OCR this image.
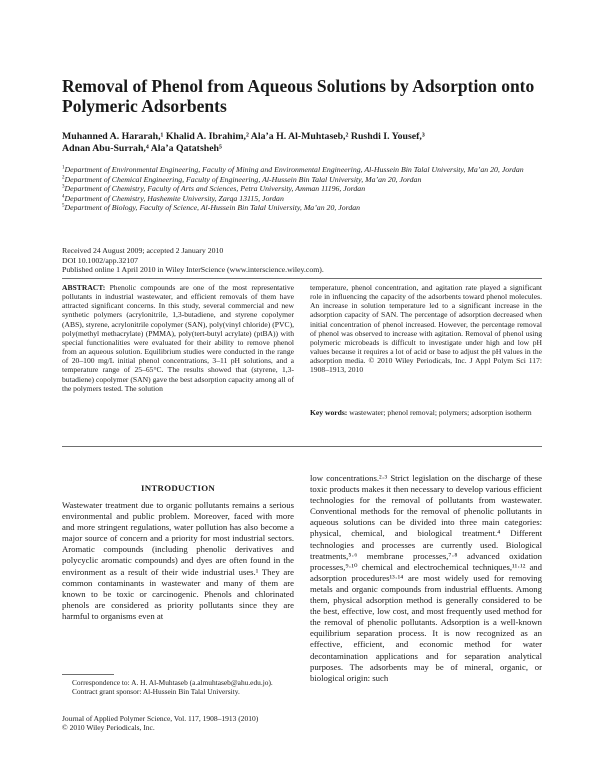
Removal of Phenol from Aqueous Solutions by Adsorption onto Polymeric Adsorbents
Muhanned A. Hararah,¹ Khalid A. Ibrahim,² Ala’a H. Al-Muhtaseb,² Rushdi I. Yousef,³
Adnan Abu-Surrah,⁴ Ala’a Qatatsheh⁵
$^1$Department of Environmental Engineering, Faculty of Mining and Environmental Engineering, Al-Hussein Bin Talal University, Ma’an 20, Jordan
$^2$Department of Chemical Engineering, Faculty of Engineering, Al-Hussein Bin Talal University, Ma’an 20, Jordan
$^3$Department of Chemistry, Faculty of Arts and Sciences, Petra University, Amman 11196, Jordan
$^4$Department of Chemistry, Hashemite University, Zarqa 13115, Jordan
$^5$Department of Biology, Faculty of Science, Al-Hussein Bin Talal University, Ma’an 20, Jordan
Received 24 August 2009; accepted 2 January 2010
DOI 10.1002/app.32107
Published online 1 April 2010 in Wiley InterScience (www.interscience.wiley.com).
ABSTRACT: Phenolic compounds are one of the most representative pollutants in industrial wastewater, and efficient removals of them have attracted significant concerns. In this study, several commercial and new synthetic polymers (acrylonitrile, 1,3-butadiene, and styrene copolymer (ABS), styrene, acrylonitrile copolymer (SAN), poly(vinyl chloride) (PVC), poly(methyl methacrylate) (PMMA), poly(tert-butyl acrylate) (ptBA)) with special functionalities were evaluated for their ability to remove phenol from an aqueous solution. Equilibrium studies were conducted in the range of 20–100 mg/L initial phenol concentrations, 3–11 pH solutions, and a temperature range of 25–65°C. The results showed that (styrene, 1,3-butadiene) copolymer (SAN) gave the best adsorption capacity among all of the polymers tested. The solution
temperature, phenol concentration, and agitation rate played a significant role in influencing the capacity of the adsorbents toward phenol molecules. An increase in solution temperature led to a significant increase in the adsorption capacity of SAN. The percentage of adsorption decreased when initial concentration of phenol increased. However, the percentage removal of phenol was observed to increase with agitation. Removal of phenol using polymeric microbeads is difficult to investigate under high and low pH values because it requires a lot of acid or base to adjust the pH values in the adsorption media. © 2010 Wiley Periodicals, Inc. J Appl Polym Sci 117: 1908–1913, 2010
Key words: wastewater; phenol removal; polymers; adsorption isotherm
INTRODUCTION
Wastewater treatment due to organic pollutants remains a serious environmental and public problem. Moreover, faced with more and more stringent regulations, water pollution has also become a major source of concern and a priority for most industrial sectors. Aromatic compounds (including phenolic derivatives and polycyclic aromatic compounds) and dyes are often found in the environment as a result of their wide industrial uses.¹ They are common contaminants in wastewater and many of them are known to be toxic or carcinogenic. Phenols and chlorinated phenols are considered as priority pollutants since they are harmful to organisms even at
low concentrations.²·³ Strict legislation on the discharge of these toxic products makes it then necessary to develop various efficient technologies for the removal of pollutants from wastewater. Conventional methods for the removal of phenolic pollutants in aqueous solutions can be divided into three main categories: physical, chemical, and biological treatment.⁴ Different technologies and processes are currently used. Biological treatments,⁵·⁶ membrane processes,⁷·⁸ advanced oxidation processes,⁹·¹⁰ chemical and electrochemical techniques,¹¹·¹² and adsorption procedures¹³·¹⁴ are most widely used for removing metals and organic compounds from industrial effluents. Among them, physical adsorption method is generally considered to be the best, effective, low cost, and most frequently used method for the removal of phenolic pollutants. Adsorption is a well-known equilibrium separation process. It is now recognized as an effective, efficient, and economic method for water decontamination applications and for separation analytical purposes. The adsorbents may be of mineral, organic, or biological origin: such

Correspondence to: A. H. Al-Muhtaseb (a.almuhtaseb@ahu.edu.jo).

Contract grant sponsor: Al-Hussein Bin Talal University.

Journal of Applied Polymer Science, Vol. 117, 1908–1913 (2010)
© 2010 Wiley Periodicals, Inc.
